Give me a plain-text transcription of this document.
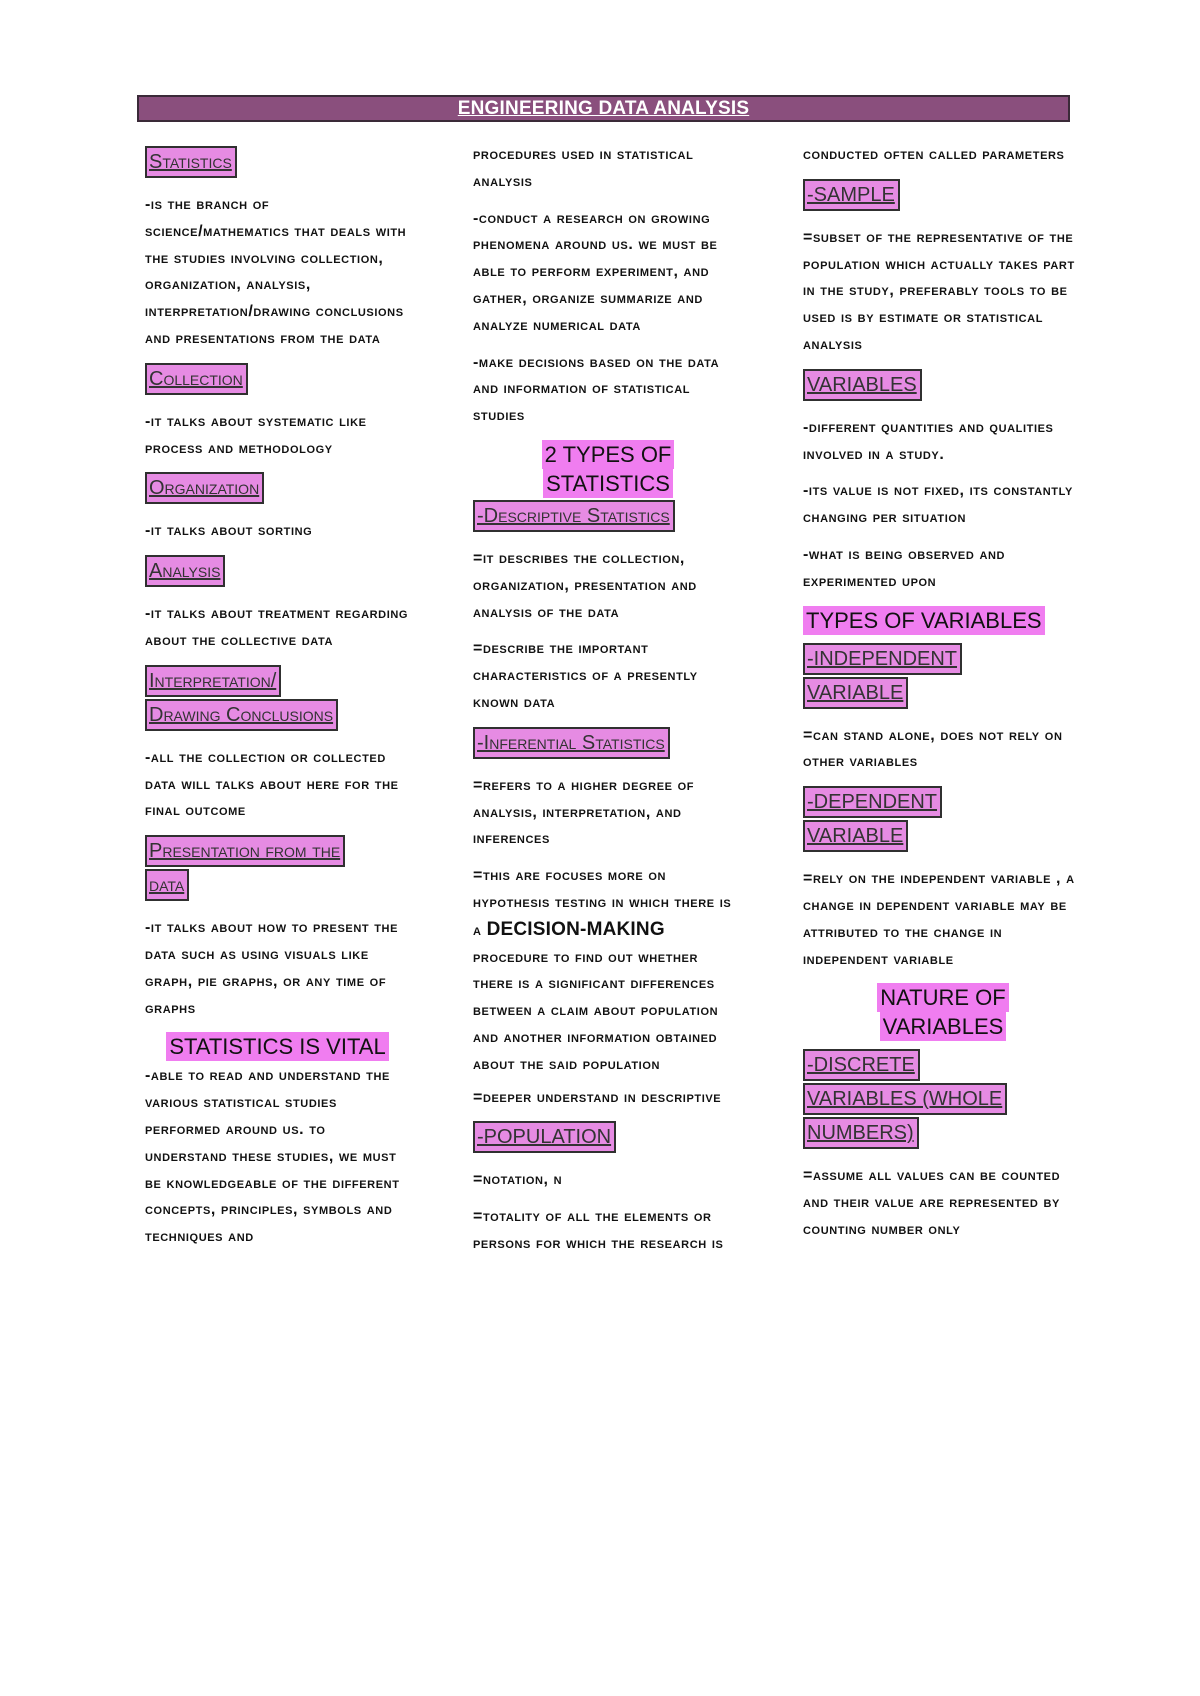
ENGINEERING DATA ANALYSIS
Statistics

-is the branch of science/mathematics that deals with the studies involving collection, organization, analysis, interpretation/drawing conclusions and presentations from the data

Collection

-it talks about systematic like process and methodology

Organization

-it talks about sorting

Analysis

-it talks about treatment regarding about the collective data

Interpretation/
Drawing Conclusions

-all the collection or collected data will talks about here for the final outcome

Presentation from the
data

-it talks about how to present the data such as using visuals like graph, pie graphs, or any time of graphs

STATISTICS IS VITAL

-able to read and understand the various statistical studies performed around us. to understand these studies, we must be knowledgeable of the different concepts, principles, symbols and techniques and

procedures used in statistical analysis

-conduct a research on growing phenomena around us. we must be able to perform experiment, and gather, organize summarize and analyze numerical data

-make decisions based on the data and information of statistical studies

2 TYPES OF
STATISTICS
-Descriptive Statistics

=it describes the collection, organization, presentation and analysis of the data

=describe the important characteristics of a presently known data

-Inferential Statistics

=refers to a higher degree of analysis, interpretation, and inferences

=this are focuses more on hypothesis testing in which there is a DECISION-MAKING procedure to find out whether there is a significant differences between a claim about population and another information obtained about the said population

=deeper understand in descriptive

-POPULATION

=notation, n

=totality of all the elements or persons for which the research is

conducted often called parameters

-SAMPLE

=subset of the representative of the population which actually takes part in the study, preferably tools to be used is by estimate or statistical analysis

VARIABLES

-different quantities and qualities involved in a study.

-its value is not fixed, its constantly changing per situation

-what is being observed and experimented upon

TYPES OF VARIABLES
-INDEPENDENT
VARIABLE

=can stand alone, does not rely on other variables

-DEPENDENT
VARIABLE

=rely on the independent variable , a change in dependent variable may be attributed to the change in independent variable

NATURE OF
VARIABLES
-DISCRETE
VARIABLES (WHOLE
NUMBERS)

=assume all values can be counted and their value are represented by counting number only
